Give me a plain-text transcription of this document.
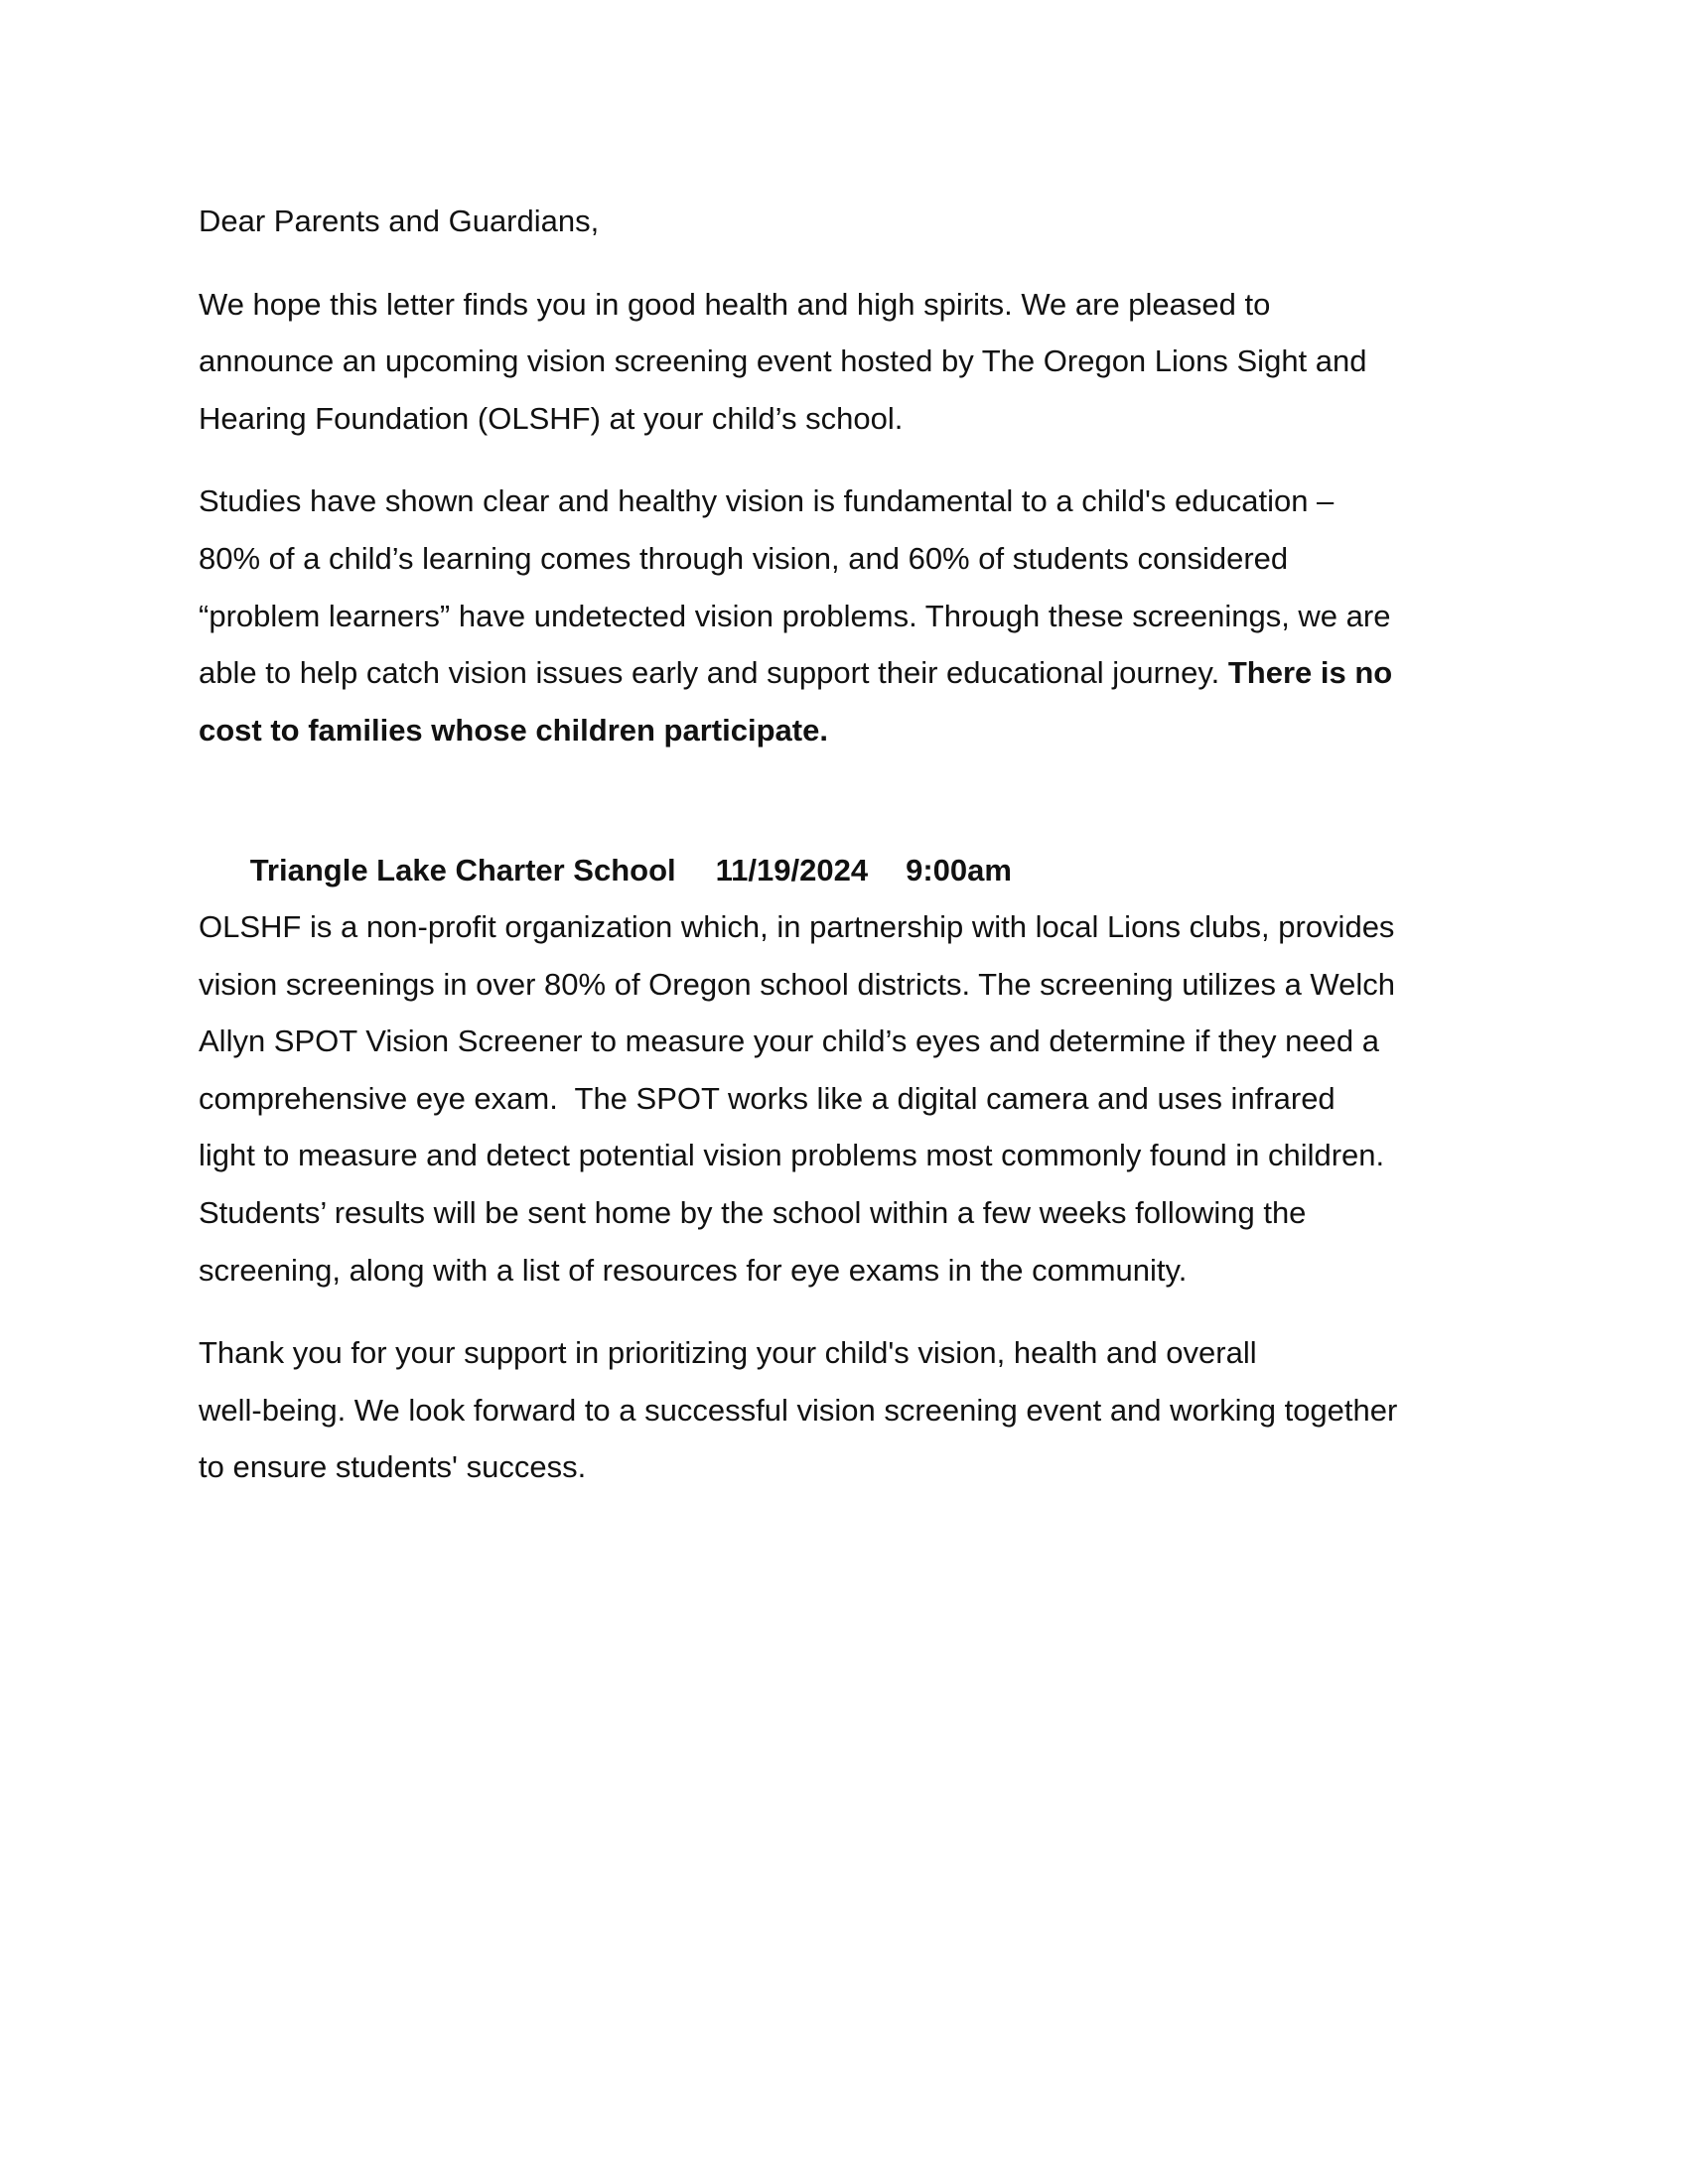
Dear Parents and Guardians,
We hope this letter finds you in good health and high spirits. We are pleased to
announce an upcoming vision screening event hosted by The Oregon Lions Sight and
Hearing Foundation (OLSHF) at your child’s school.
Studies have shown clear and healthy vision is fundamental to a child's education –
80% of a child’s learning comes through vision, and 60% of students considered
“problem learners” have undetected vision problems. Through these screenings, we are
able to help catch vision issues early and support their educational journey. There is no
cost to families whose children participate.

Triangle Lake Charter School 11/19/2024 9:00am

OLSHF is a non-profit organization which, in partnership with local Lions clubs, provides
vision screenings in over 80% of Oregon school districts. The screening utilizes a Welch
Allyn SPOT Vision Screener to measure your child’s eyes and determine if they need a
comprehensive eye exam.  The SPOT works like a digital camera and uses infrared
light to measure and detect potential vision problems most commonly found in children.
Students’ results will be sent home by the school within a few weeks following the
screening, along with a list of resources for eye exams in the community.
Thank you for your support in prioritizing your child's vision, health and overall
well-being. We look forward to a successful vision screening event and working together
to ensure students' success.
